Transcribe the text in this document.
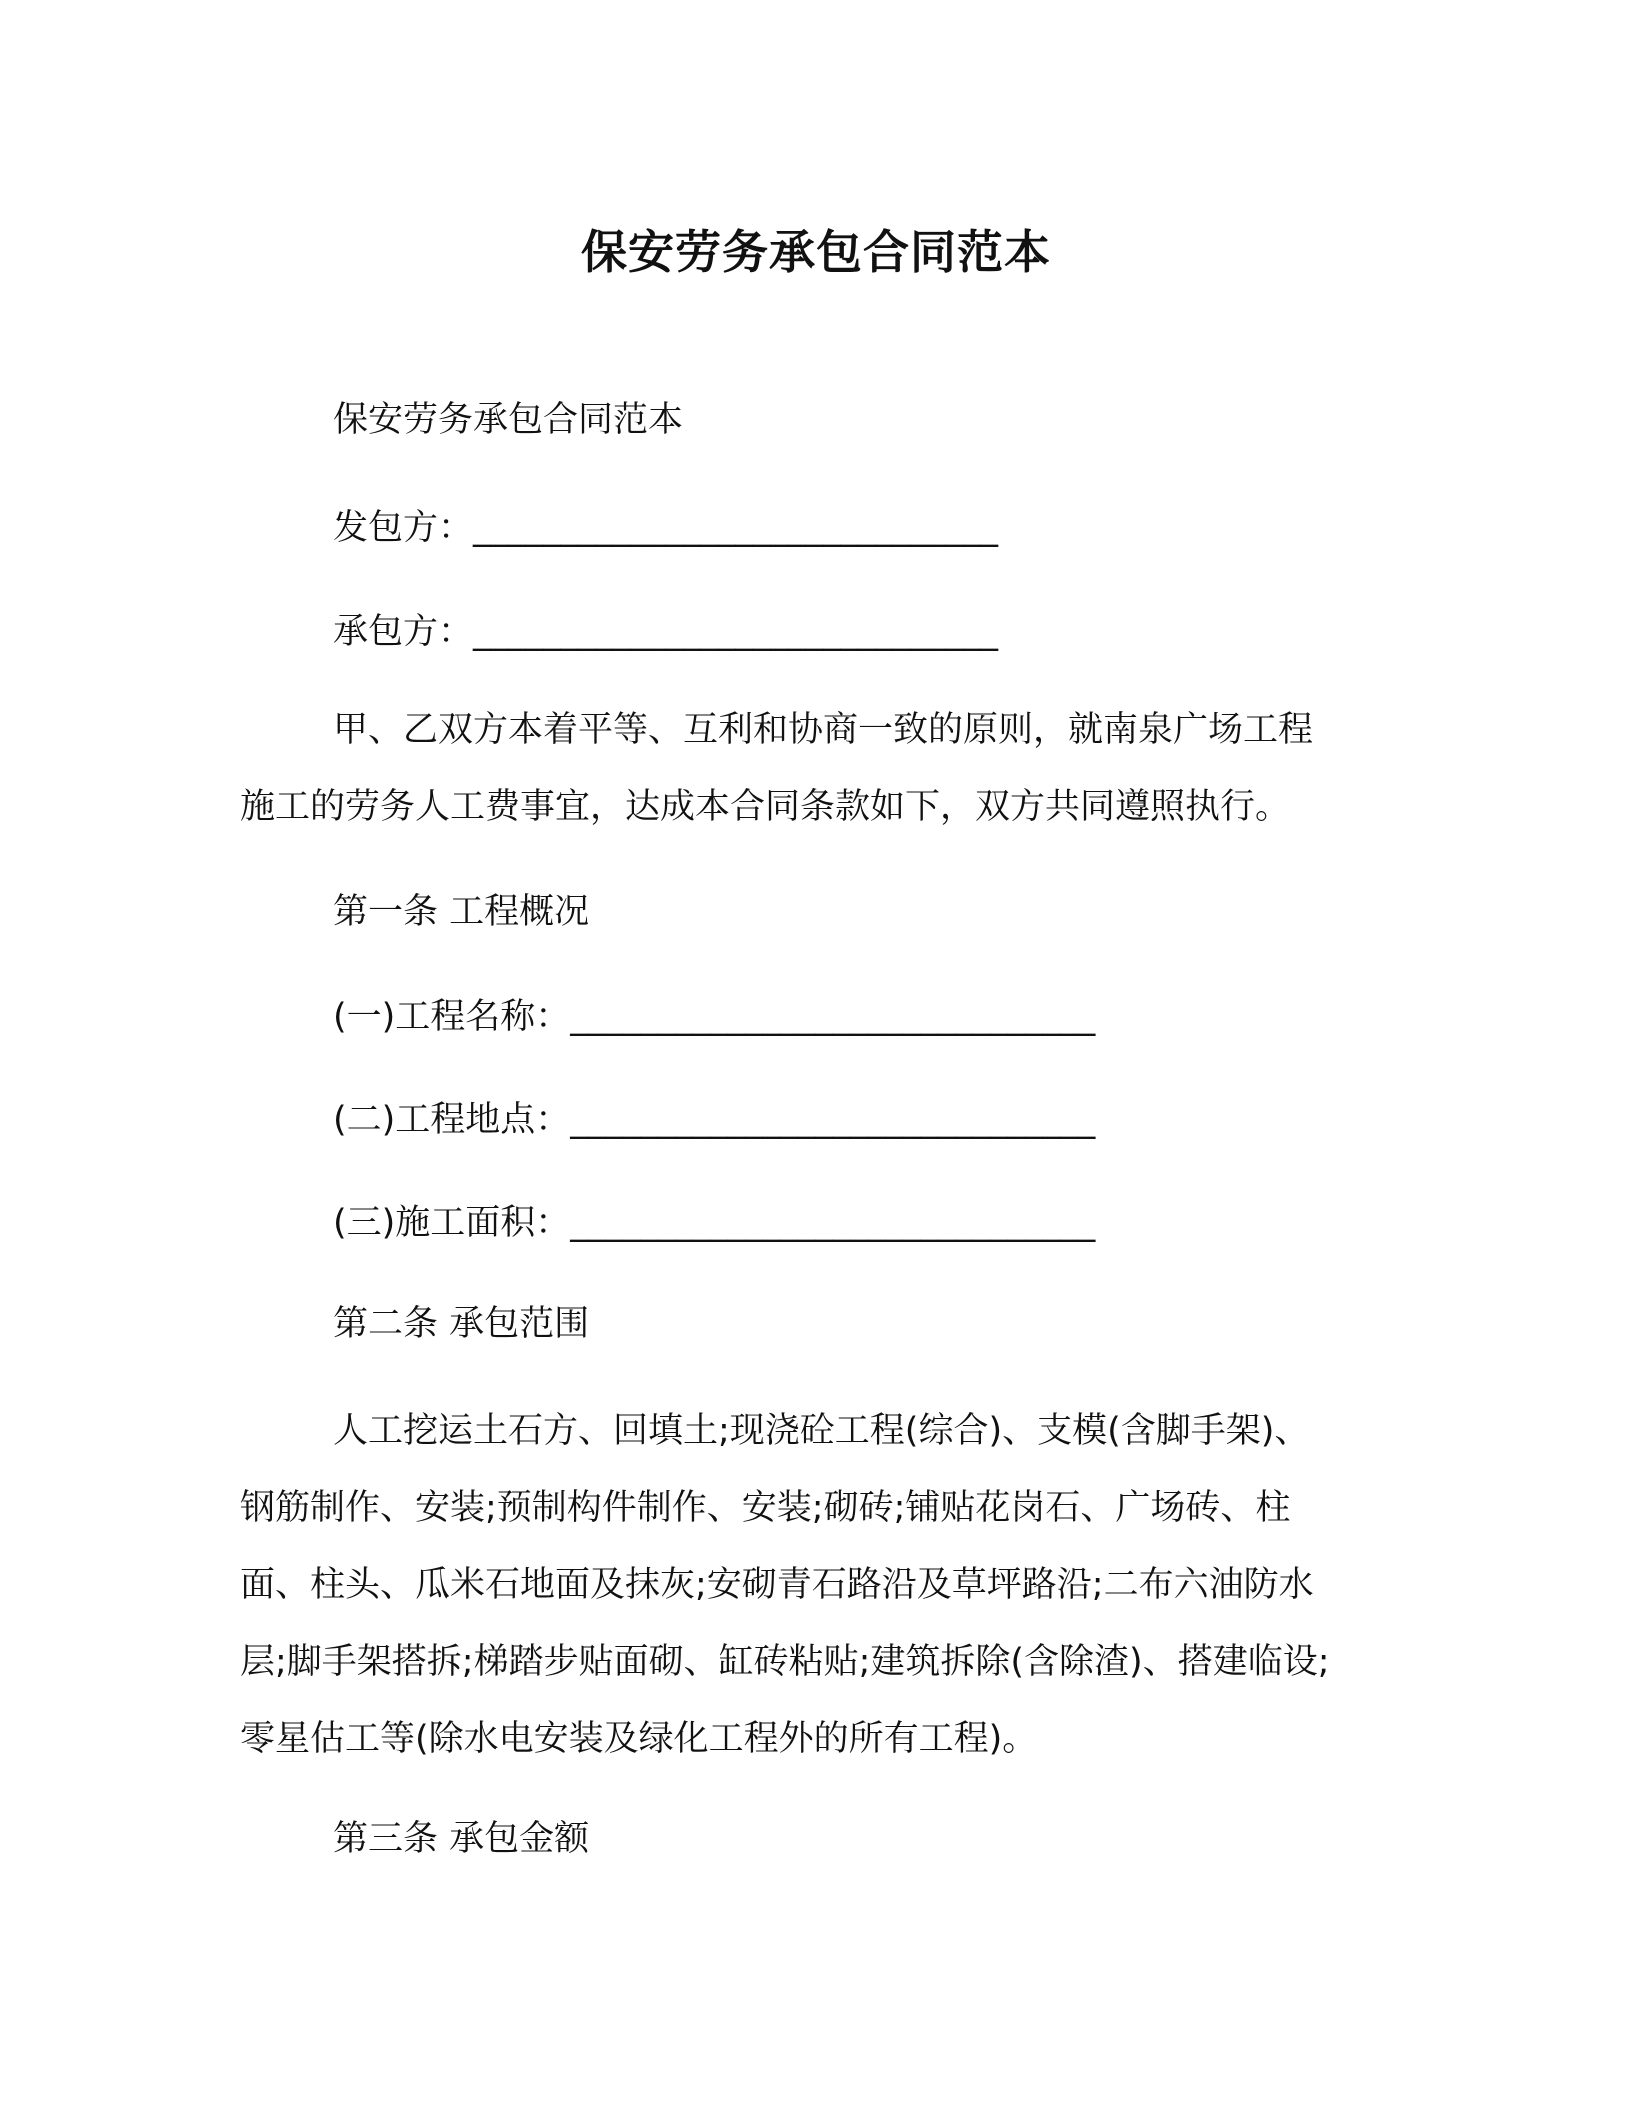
保安劳务承包合同范本
保安劳务承包合同范本
发包方：______________________________
承包方：______________________________
甲、乙双方本着平等、互利和协商一致的原则，就南泉广场工程
施工的劳务人工费事宜，达成本合同条款如下，双方共同遵照执行。
第一条 工程概况
(一)工程名称：______________________________
(二)工程地点：______________________________
(三)施工面积：______________________________
第二条 承包范围
人工挖运土石方、回填土;现浇砼工程(综合)、支模(含脚手架)、
钢筋制作、安装;预制构件制作、安装;砌砖;铺贴花岗石、广场砖、柱
面、柱头、瓜米石地面及抹灰;安砌青石路沿及草坪路沿;二布六油防水
层;脚手架搭拆;梯踏步贴面砌、缸砖粘贴;建筑拆除(含除渣)、搭建临设;
零星估工等(除水电安装及绿化工程外的所有工程)。
第三条 承包金额
